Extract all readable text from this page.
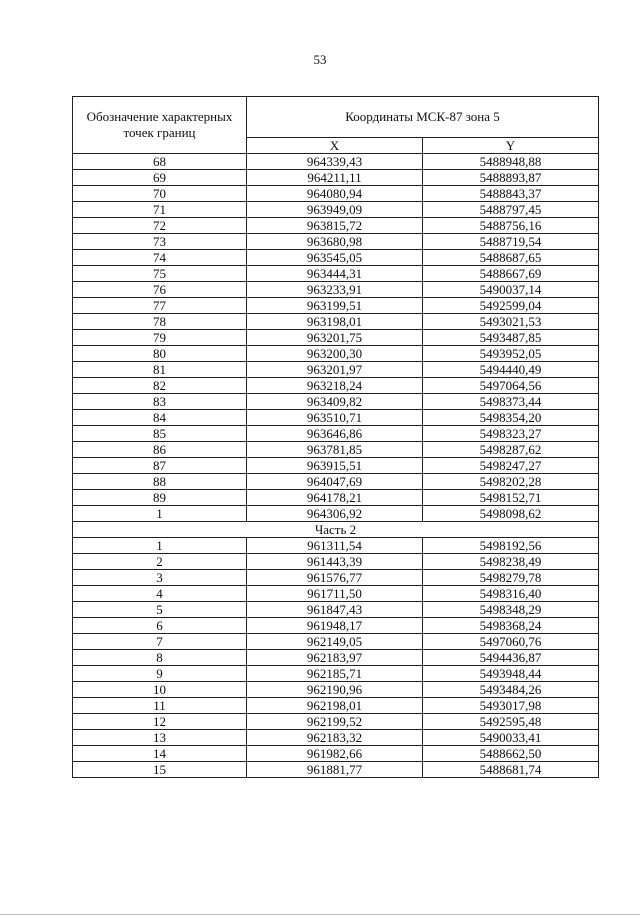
53
Обозначение характерных точек границ	Координаты МСК-87 зона 5	
	X	Y
68	964339,43	5488948,88
69	964211,11	5488893,87
70	964080,94	5488843,37
71	963949,09	5488797,45
72	963815,72	5488756,16
73	963680,98	5488719,54
74	963545,05	5488687,65
75	963444,31	5488667,69
76	963233,91	5490037,14
77	963199,51	5492599,04
78	963198,01	5493021,53
79	963201,75	5493487,85
80	963200,30	5493952,05
81	963201,97	5494440,49
82	963218,24	5497064,56
83	963409,82	5498373,44
84	963510,71	5498354,20
85	963646,86	5498323,27
86	963781,85	5498287,62
87	963915,51	5498247,27
88	964047,69	5498202,28
89	964178,21	5498152,71
1	964306,92	5498098,62
Часть 2		
1	961311,54	5498192,56
2	961443,39	5498238,49
3	961576,77	5498279,78
4	961711,50	5498316,40
5	961847,43	5498348,29
6	961948,17	5498368,24
7	962149,05	5497060,76
8	962183,97	5494436,87
9	962185,71	5493948,44
10	962190,96	5493484,26
11	962198,01	5493017,98
12	962199,52	5492595,48
13	962183,32	5490033,41
14	961982,66	5488662,50
15	961881,77	5488681,74
